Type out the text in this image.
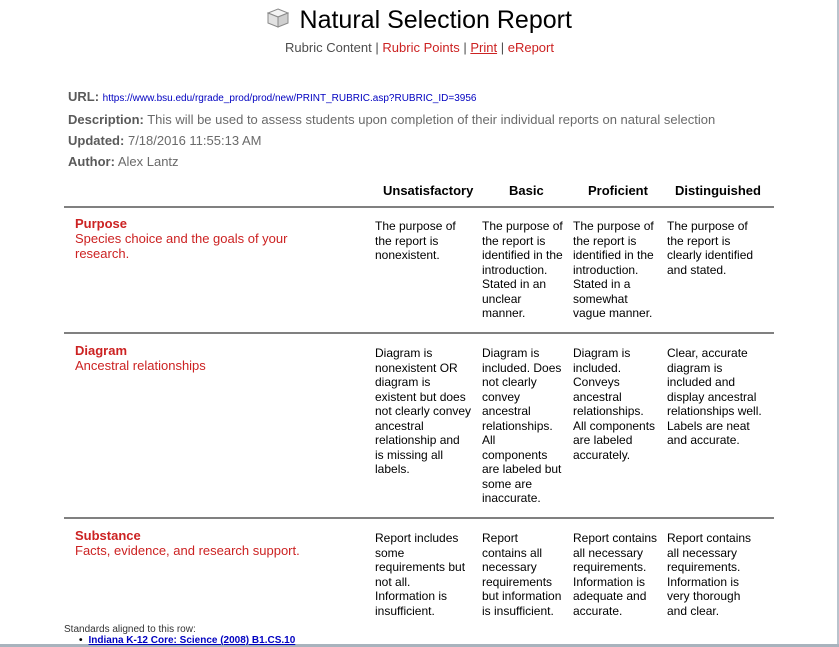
Natural Selection Report
Rubric Content | Rubric Points | Print | eReport
URL: https://www.bsu.edu/rgrade_prod/prod/new/PRINT_RUBRIC.asp?RUBRIC_ID=3956
Description: This will be used to assess students upon completion of their individual reports on natural selection
Updated: 7/18/2016 11:55:13 AM
Author: Alex Lantz
Unsatisfactory	Basic	Proficient Distinguished
Purpose
Species choice and the goals of your
research.
The purpose of
the report is
nonexistent.
The purpose of
the report is
identified in the
introduction.
Stated in an
unclear
manner.
The purpose of
the report is
identified in the
introduction.
Stated in a
somewhat
vague manner.
The purpose of
the report is
clearly identified
and stated.
Diagram
Ancestral relationships
Diagram is
nonexistent OR
diagram is
existent but does
not clearly convey
ancestral
relationship and
is missing all
labels.
Diagram is
included. Does
not clearly
convey
ancestral
relationships.
All
components
are labeled but
some are
inaccurate.
Diagram is
included.
Conveys
ancestral
relationships.
All components
are labeled
accurately.
Clear, accurate
diagram is
included and
display ancestral
relationships well.
Labels are neat
and accurate.
Substance
Facts, evidence, and research support.
Report includes
some
requirements but
not all.
Information is
insufficient.
Report
contains all
necessary
requirements
but information
is insufficient.
Report contains
all necessary
requirements.
Information is
adequate and
accurate.
Report contains
all necessary
requirements.
Information is
very thorough
and clear.
Standards aligned to this row:
• Indiana K-12 Core: Science (2008) B1.CS.10
